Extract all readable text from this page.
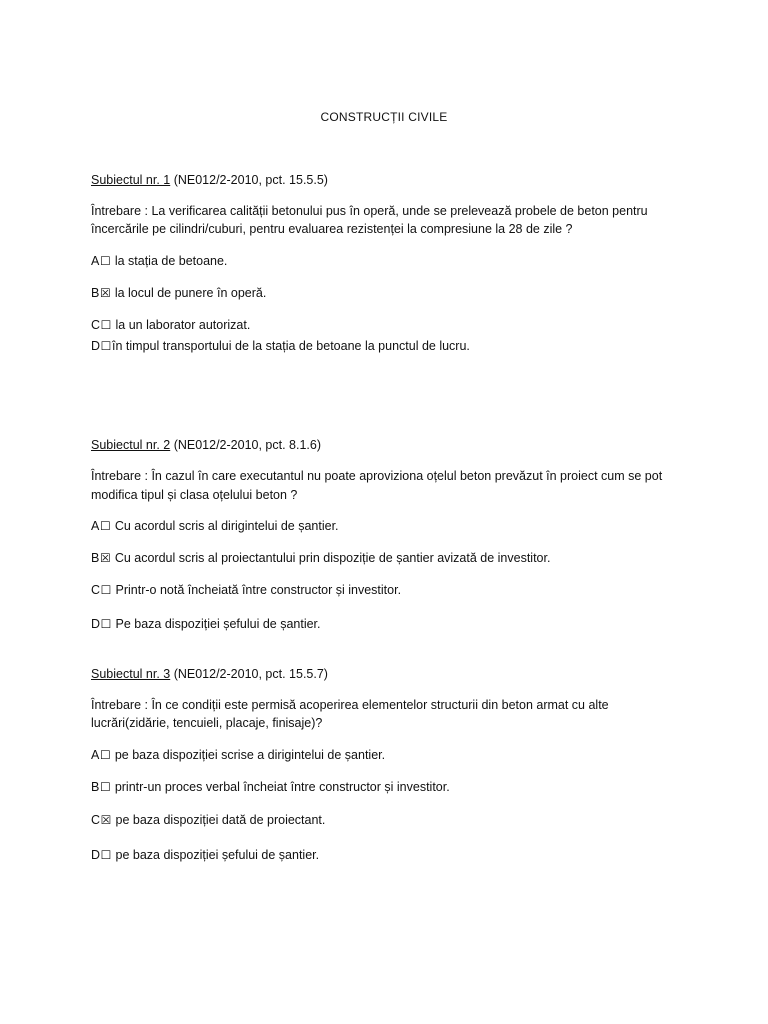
CONSTRUCȚII CIVILE
Subiectul nr. 1 (NE012/2-2010, pct. 15.5.5)
Întrebare : La verificarea calității betonului pus în operă, unde se prelevează probele de beton pentru
încercările pe cilindri/cuburi, pentru evaluarea rezistenței la compresiune la 28 de zile ?
A☐ la stația de betoane.
B☒ la locul de punere în operă.
C☐ la un laborator autorizat.
D☐în timpul transportului de la stația de betoane la punctul de lucru.
Subiectul nr. 2 (NE012/2-2010, pct. 8.1.6)
Întrebare : În cazul în care executantul nu poate aproviziona oțelul beton prevăzut în proiect cum se pot
modifica tipul și clasa oțelului beton ?
A☐ Cu acordul scris al dirigintelui de șantier.
B☒ Cu acordul scris al proiectantului prin dispoziție de șantier avizată de investitor.
C☐ Printr-o notă încheiată între constructor și investitor.
D☐ Pe baza dispoziției șefului de șantier.
Subiectul nr. 3 (NE012/2-2010, pct. 15.5.7)
Întrebare : În ce condiții este permisă acoperirea elementelor structurii din beton armat cu alte
lucrări(zidărie, tencuieli, placaje, finisaje)?
A☐ pe baza dispoziției scrise a dirigintelui de șantier.
B☐ printr-un proces verbal încheiat între constructor și investitor.
C☒ pe baza dispoziției dată de proiectant.
D☐ pe baza dispoziției șefului de șantier.
